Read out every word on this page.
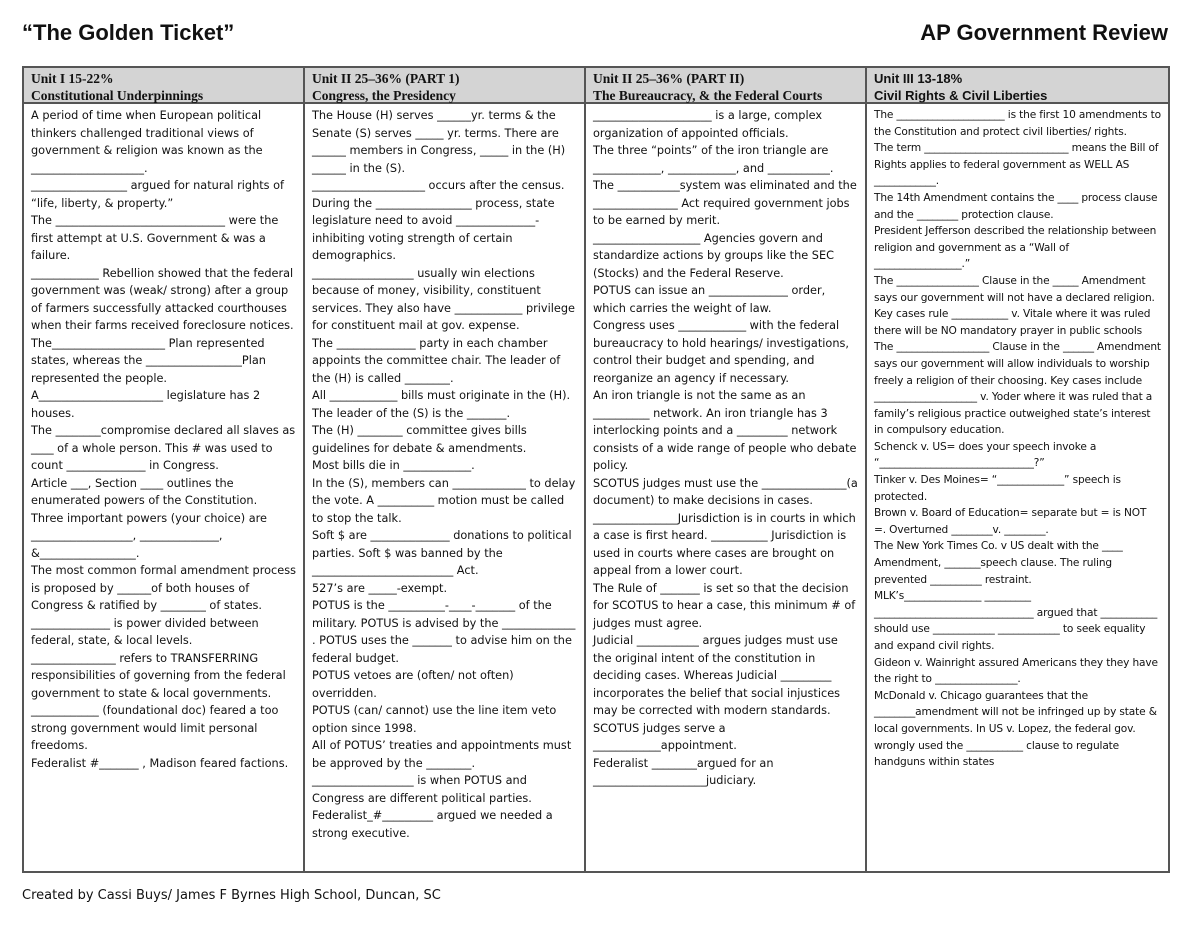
“The Golden Ticket”	AP Government Review
Unit I 15-22%
Constitutional Underpinnings

A period of time when European political thinkers challenged traditional views of government & religion was known as the ____________________.

_________________ argued for natural rights of “life, liberty, & property.”

The ______________________________ were the first attempt at U.S. Government & was a failure.

____________ Rebellion showed that the federal government was (weak/ strong) after a group of farmers successfully attacked courthouses when their farms received foreclosure notices.

The____________________ Plan represented states, whereas the _________________Plan represented the people. A______________________ legislature has 2 houses.

The ________compromise declared all slaves as ____ of a whole person. This # was used to count ______________ in Congress.

Article ___, Section ____ outlines the enumerated powers of the Constitution.

Three important powers (your choice) are __________________, ______________, &_________________.

The most common formal amendment process is proposed by ______of both houses of Congress & ratified by ________ of states.

______________ is power divided between federal, state, & local levels.

_______________ refers to TRANSFERRING responsibilities of governing from the federal government to state & local governments.

____________ (foundational doc) feared a too strong government would limit personal freedoms.

Federalist #_______ , Madison feared factions.

Unit II 25–36% (PART 1)
Congress, the Presidency

The House (H) serves ______yr. terms & the Senate (S) serves _____ yr. terms. There are ______ members in Congress, _____ in the (H) ______ in the (S).

____________________ occurs after the census. During the _________________ process, state legislature need to avoid ______________- inhibiting voting strength of certain demographics.

__________________ usually win elections because of money, visibility, constituent services. They also have ____________ privilege for constituent mail at gov. expense.

The ______________ party in each chamber appoints the committee chair. The leader of the (H) is called ________.

All ____________ bills must originate in the (H). The leader of the (S) is the _______.

The (H) ________ committee gives bills guidelines for debate & amendments.

Most bills die in ____________.

In the (S), members can _____________ to delay the vote. A __________ motion must be called to stop the talk.

Soft $ are ______________ donations to political parties. Soft $ was banned by the _________________________ Act.

527’s are _____-exempt.

POTUS is the __________-____-_______ of the military. POTUS is advised by the _____________ . POTUS uses the _______ to advise him on the federal budget.

POTUS vetoes are (often/ not often) overridden.

POTUS (can/ cannot) use the line item veto option since 1998.

All of POTUS’ treaties and appointments must be approved by the ________.

__________________ is when POTUS and Congress are different political parties.

Federalist_#_________ argued we needed a strong executive.

Unit II 25–36% (PART II)
The Bureaucracy, & the Federal Courts

_____________________ is a large, complex organization of appointed officials.

The three “points” of the iron triangle are ____________, ____________, and ___________.

The ___________system was eliminated and the _______________ Act required government jobs to be earned by merit.

___________________ Agencies govern and standardize actions by groups like the SEC (Stocks) and the Federal Reserve.

POTUS can issue an ______________ order, which carries the weight of law.

Congress uses ____________ with the federal bureaucracy to hold hearings/ investigations, control their budget and spending, and reorganize an agency if necessary.

An iron triangle is not the same as an __________ network. An iron triangle has 3 interlocking points and a _________ network consists of a wide range of people who debate policy.

SCOTUS judges must use the _______________(a document) to make decisions in cases.

_______________Jurisdiction is in courts in which a case is first heard. __________ Jurisdiction is used in courts where cases are brought on appeal from a lower court.

The Rule of _______ is set so that the decision for SCOTUS to hear a case, this minimum # of judges must agree.

Judicial ___________ argues judges must use the original intent of the constitution in deciding cases. Whereas Judicial _________ incorporates the belief that social injustices may be corrected with modern standards.

SCOTUS judges serve a ____________appointment.

Federalist ________argued for an ____________________judiciary.

Unit III 13-18%
Civil Rights & Civil Liberties

The _____________________ is the first 10 amendments to the Constitution and protect civil liberties/ rights.

The term ____________________________ means the Bill of Rights applies to federal government as WELL AS ____________.

The 14th Amendment contains the ____ process clause and the ________ protection clause.

President Jefferson described the relationship between religion and government as a “Wall of _________________.”

The ________________ Clause in the _____ Amendment says our government will not have a declared religion. Key cases rule ___________ v. Vitale where it was ruled there will be NO mandatory prayer in public schools

The __________________ Clause in the ______ Amendment says our government will allow individuals to worship freely a religion of their choosing. Key cases include ____________________ v. Yoder where it was ruled that a family’s religious practice outweighed state’s interest in compulsory education.

Schenck v. US= does your speech invoke a “______________________________?”

Tinker v. Des Moines= “_____________” speech is protected.

Brown v. Board of Education= separate but = is NOT =. Overturned ________v. ________.

The New York Times Co. v US dealt with the ____ Amendment, _______speech clause. The ruling prevented __________ restraint.

MLK’s_______________ _________ _______________________________ argued that ___________ should use ____________ ____________ to seek equality and expand civil rights.

Gideon v. Wainright assured Americans they they have the right to ________________.

McDonald v. Chicago guarantees that the ________amendment will not be infringed up by state & local governments. In US v. Lopez, the federal gov. wrongly used the ___________ clause to regulate handguns within states

Created by Cassi Buys/ James F Byrnes High School, Duncan, SC
